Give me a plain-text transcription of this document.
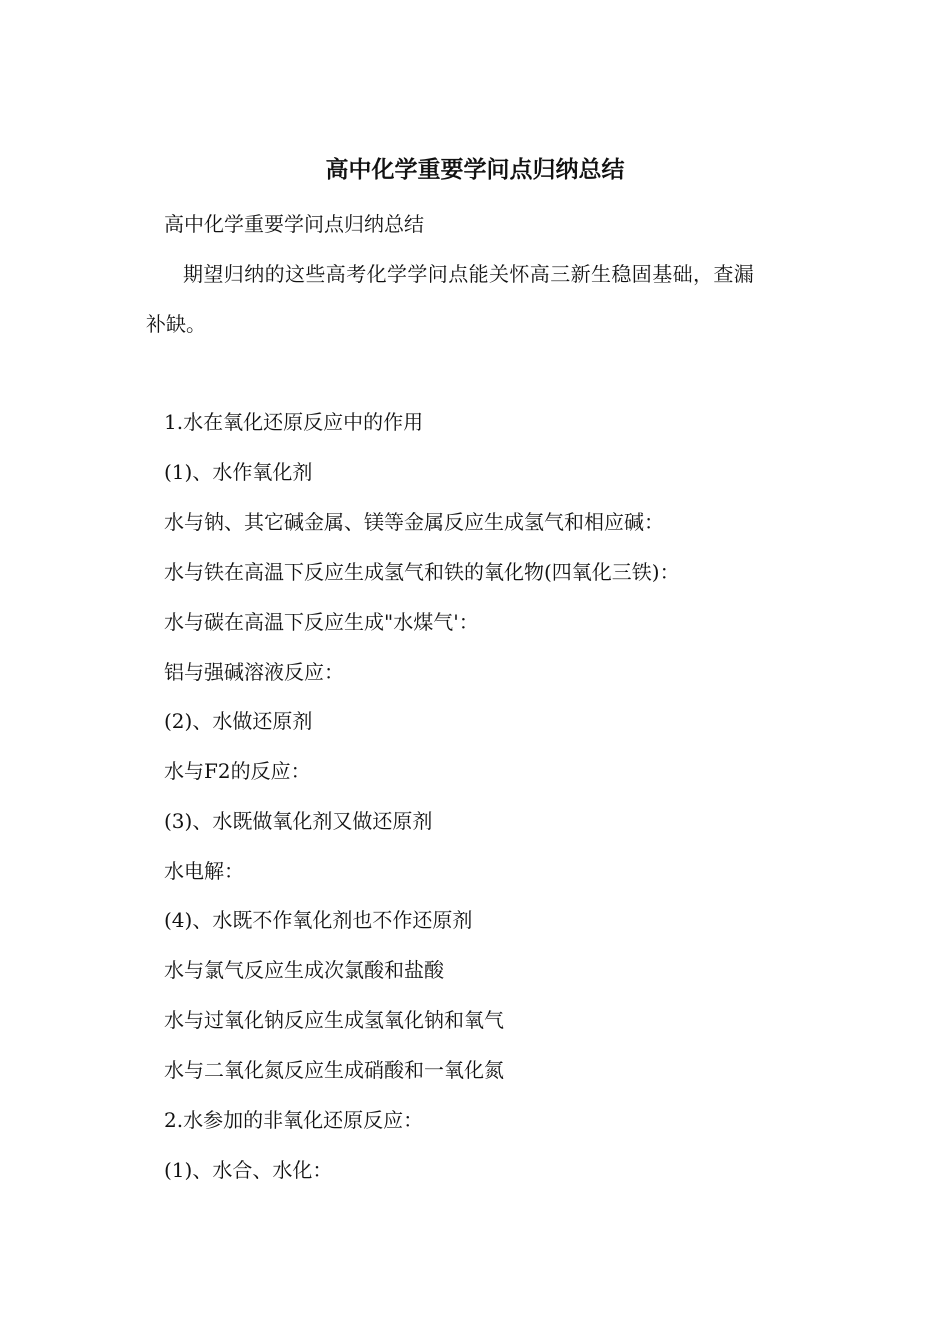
高中化学重要学问点归纳总结

高中化学重要学问点归纳总结

期望归纳的这些高考化学学问点能关怀高三新生稳固基础，查漏

补缺。

1.水在氧化还原反应中的作用

(1)、水作氧化剂

水与钠、其它碱金属、镁等金属反应生成氢气和相应碱：

水与铁在高温下反应生成氢气和铁的氧化物(四氧化三铁)：

水与碳在高温下反应生成"水煤气'：

铝与强碱溶液反应：

(2)、水做还原剂

水与F2的反应：

(3)、水既做氧化剂又做还原剂

水电解：

(4)、水既不作氧化剂也不作还原剂

水与氯气反应生成次氯酸和盐酸

水与过氧化钠反应生成氢氧化钠和氧气

水与二氧化氮反应生成硝酸和一氧化氮

2.水参加的非氧化还原反应：

(1)、水合、水化：
